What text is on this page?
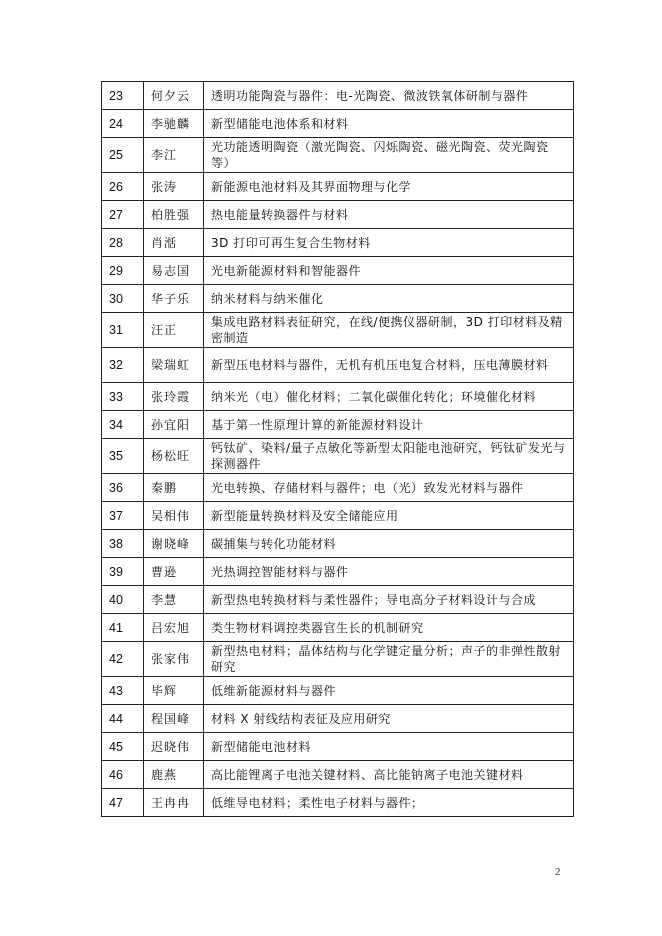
23	何夕云	透明功能陶瓷与器件：电-光陶瓷、微波铁氧体研制与器件
24	李驰麟	新型储能电池体系和材料
25	李江	光功能透明陶瓷（激光陶瓷、闪烁陶瓷、磁光陶瓷、荧光陶瓷等）
26	张涛	新能源电池材料及其界面物理与化学
27	柏胜强	热电能量转换器件与材料
28	肖湉	3D 打印可再生复合生物材料
29	易志国	光电新能源材料和智能器件
30	华子乐	纳米材料与纳米催化
31	汪正	集成电路材料表征研究，在线/便携仪器研制，3D 打印材料及精密制造
32	梁瑞虹	新型压电材料与器件，无机有机压电复合材料，压电薄膜材料
33	张玲霞	纳米光（电）催化材料；二氧化碳催化转化；环境催化材料
34	孙宜阳	基于第一性原理计算的新能源材料设计
35	杨松旺	钙钛矿、染料/量子点敏化等新型太阳能电池研究，钙钛矿发光与探测器件
36	秦鹏	光电转换、存储材料与器件；电（光）致发光材料与器件
37	吴相伟	新型能量转换材料及安全储能应用
38	谢晓峰	碳捕集与转化功能材料
39	曹逊	光热调控智能材料与器件
40	李慧	新型热电转换材料与柔性器件；导电高分子材料设计与合成
41	吕宏旭	类生物材料调控类器官生长的机制研究
42	张家伟	新型热电材料；晶体结构与化学键定量分析；声子的非弹性散射研究
43	毕辉	低维新能源材料与器件
44	程国峰	材料 X 射线结构表征及应用研究
45	迟晓伟	新型储能电池材料
46	鹿燕	高比能锂离子电池关键材料、高比能钠离子电池关键材料
47	王冉冉	低维导电材料；柔性电子材料与器件；
2
